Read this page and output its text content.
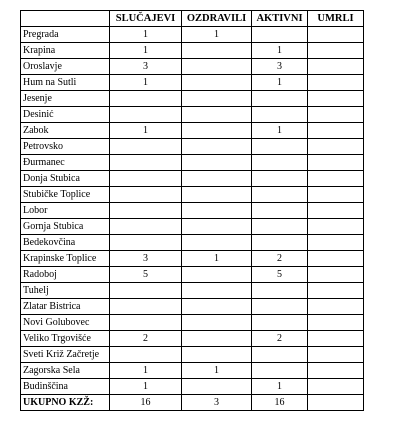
	SLUČAJEVI	OZDRAVILI	AKTIVNI	UMRLI
Pregrada	1	1		
Krapina	1		1	
Oroslavje	3		3	
Hum na Sutli	1		1	
Jesenje				
Desinić				
Zabok	1		1	
Petrovsko				
Đurmanec				
Donja Stubica				
Stubičke Toplice				
Lobor				
Gornja Stubica				
Bedekovčina				
Krapinske Toplice	3	1	2	
Radoboj	5		5	
Tuhelj				
Zlatar Bistrica				
Novi Golubovec				
Veliko Trgovišće	2		2	
Sveti Križ Začretje				
Zagorska Sela	1	1		
Budinščina	1		1	
UKUPNO KZŽ:	16	3	16	
